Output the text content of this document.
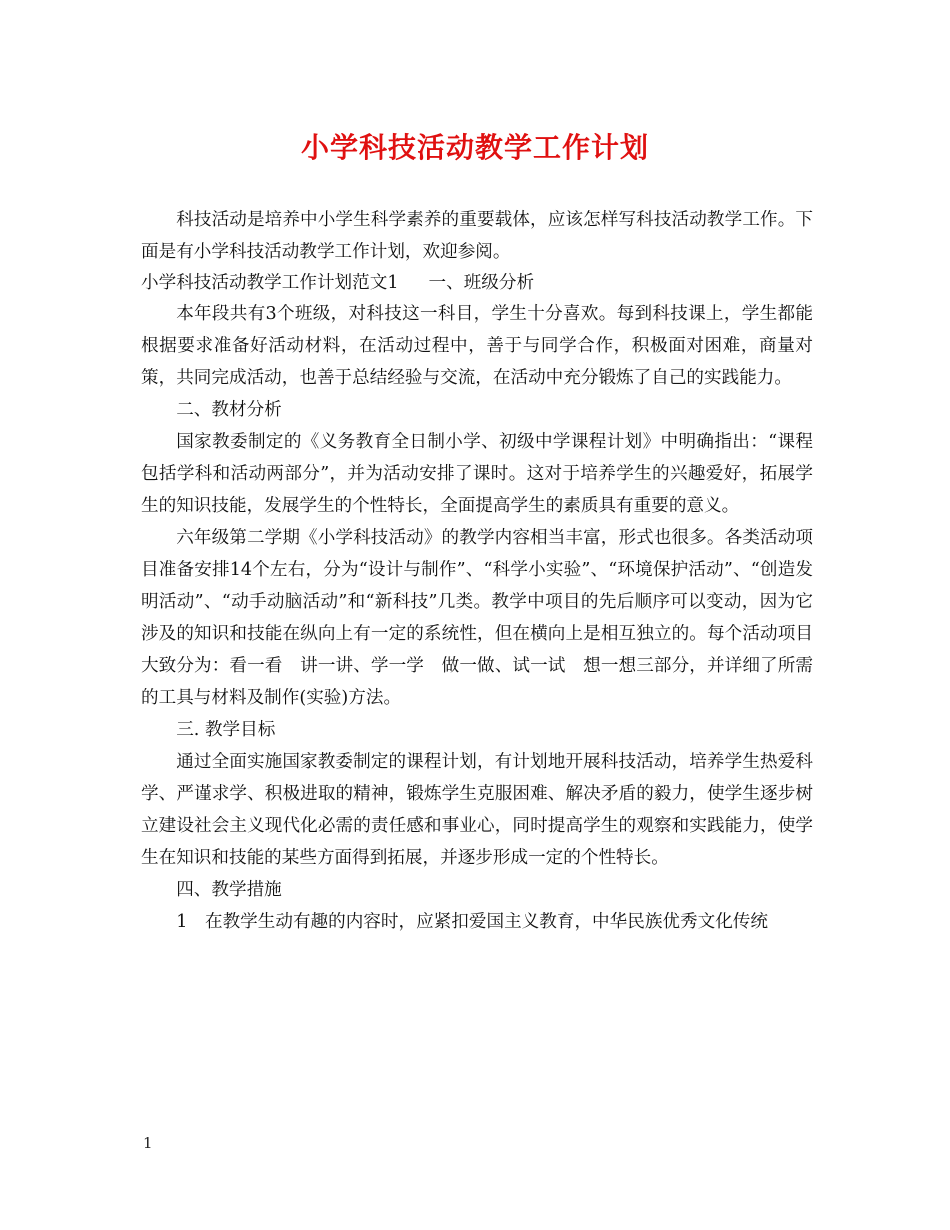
小学科技活动教学工作计划

科技活动是培养中小学生科学素养的重要载体，应该怎样写科技活动教学工作。下面是有小学科技活动教学工作计划，欢迎参阅。

小学科技活动教学工作计划范文1 一、班级分析

本年段共有3个班级，对科技这一科目，学生十分喜欢。每到科技课上，学生都能根据要求准备好活动材料，在活动过程中，善于与同学合作，积极面对困难，商量对策，共同完成活动，也善于总结经验与交流，在活动中充分锻炼了自己的实践能力。

二、教材分析

国家教委制定的《义务教育全日制小学、初级中学课程计划》中明确指出：“课程包括学科和活动两部分”，并为活动安排了课时。这对于培养学生的兴趣爱好，拓展学生的知识技能，发展学生的个性特长，全面提高学生的素质具有重要的意义。

六年级第二学期《小学科技活动》的教学内容相当丰富，形式也很多。各类活动项目准备安排14个左右，分为“设计与制作”、“科学小实验”、“环境保护活动”、“创造发明活动”、“动手动脑活动”和“新科技”几类。教学中项目的先后顺序可以变动，因为它涉及的知识和技能在纵向上有一定的系统性，但在横向上是相互独立的。每个活动项目大致分为：看一看　讲一讲、学一学　做一做、试一试　想一想三部分，并详细了所需的工具与材料及制作(实验)方法。

三. 教学目标

通过全面实施国家教委制定的课程计划，有计划地开展科技活动，培养学生热爱科学、严谨求学、积极进取的精神，锻炼学生克服困难、解决矛盾的毅力，使学生逐步树立建设社会主义现代化必需的责任感和事业心，同时提高学生的观察和实践能力，使学生在知识和技能的某些方面得到拓展，并逐步形成一定的个性特长。

四、教学措施

1　在教学生动有趣的内容时，应紧扣爱国主义教育，中华民族优秀文化传统

1
